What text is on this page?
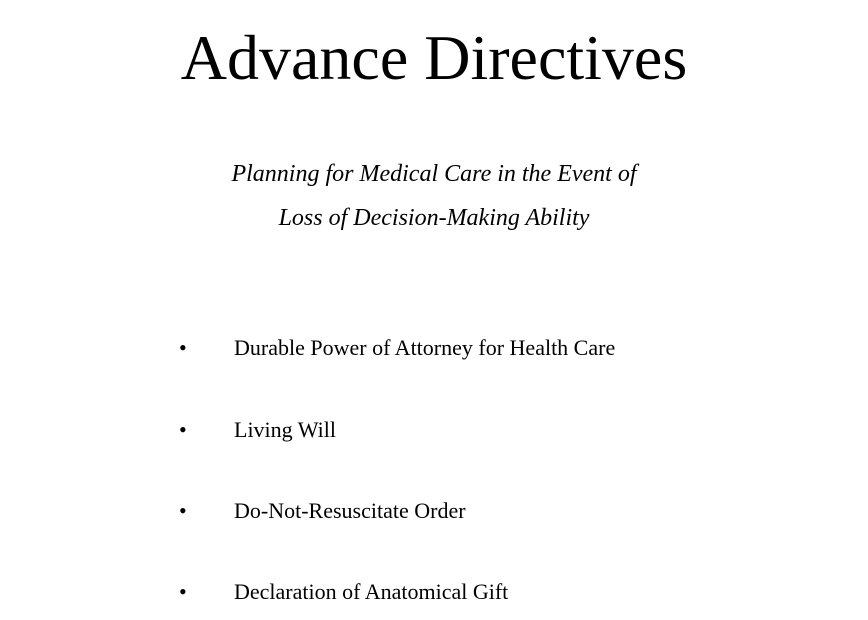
Advance Directives

Planning for Medical Care in the Event of

Loss of Decision-Making Ability

• Durable Power of Attorney for Health Care
• Living Will
• Do-Not-Resuscitate Order
• Declaration of Anatomical Gift
